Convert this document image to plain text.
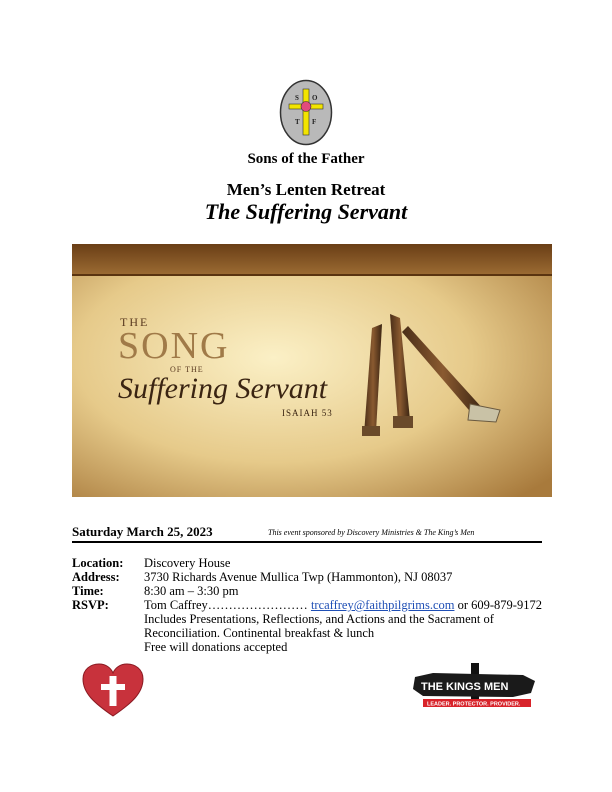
S O
T F
Sons of the Father
Men’s Lenten Retreat
The Suffering Servant
THE
SONG
OF THE
Suffering Servant
ISAIAH 53
Saturday March 25, 2023	This event sponsored by Discovery Ministries & The King’s Men
Location: Discovery House
Address: 3730 Richards Avenue Mullica Twp (Hammonton), NJ 08037
Time:	8:30 am – 3:30 pm
RSVP:	Tom Caffrey…………………… trcaffrey@faithpilgrims.com or 609-879-9172
Includes Presentations, Reflections, and Actions and the Sacrament of
Reconciliation. Continental breakfast & lunch
Free will donations accepted
THE KINGS MEN
LEADER. PROTECTOR. PROVIDER.
